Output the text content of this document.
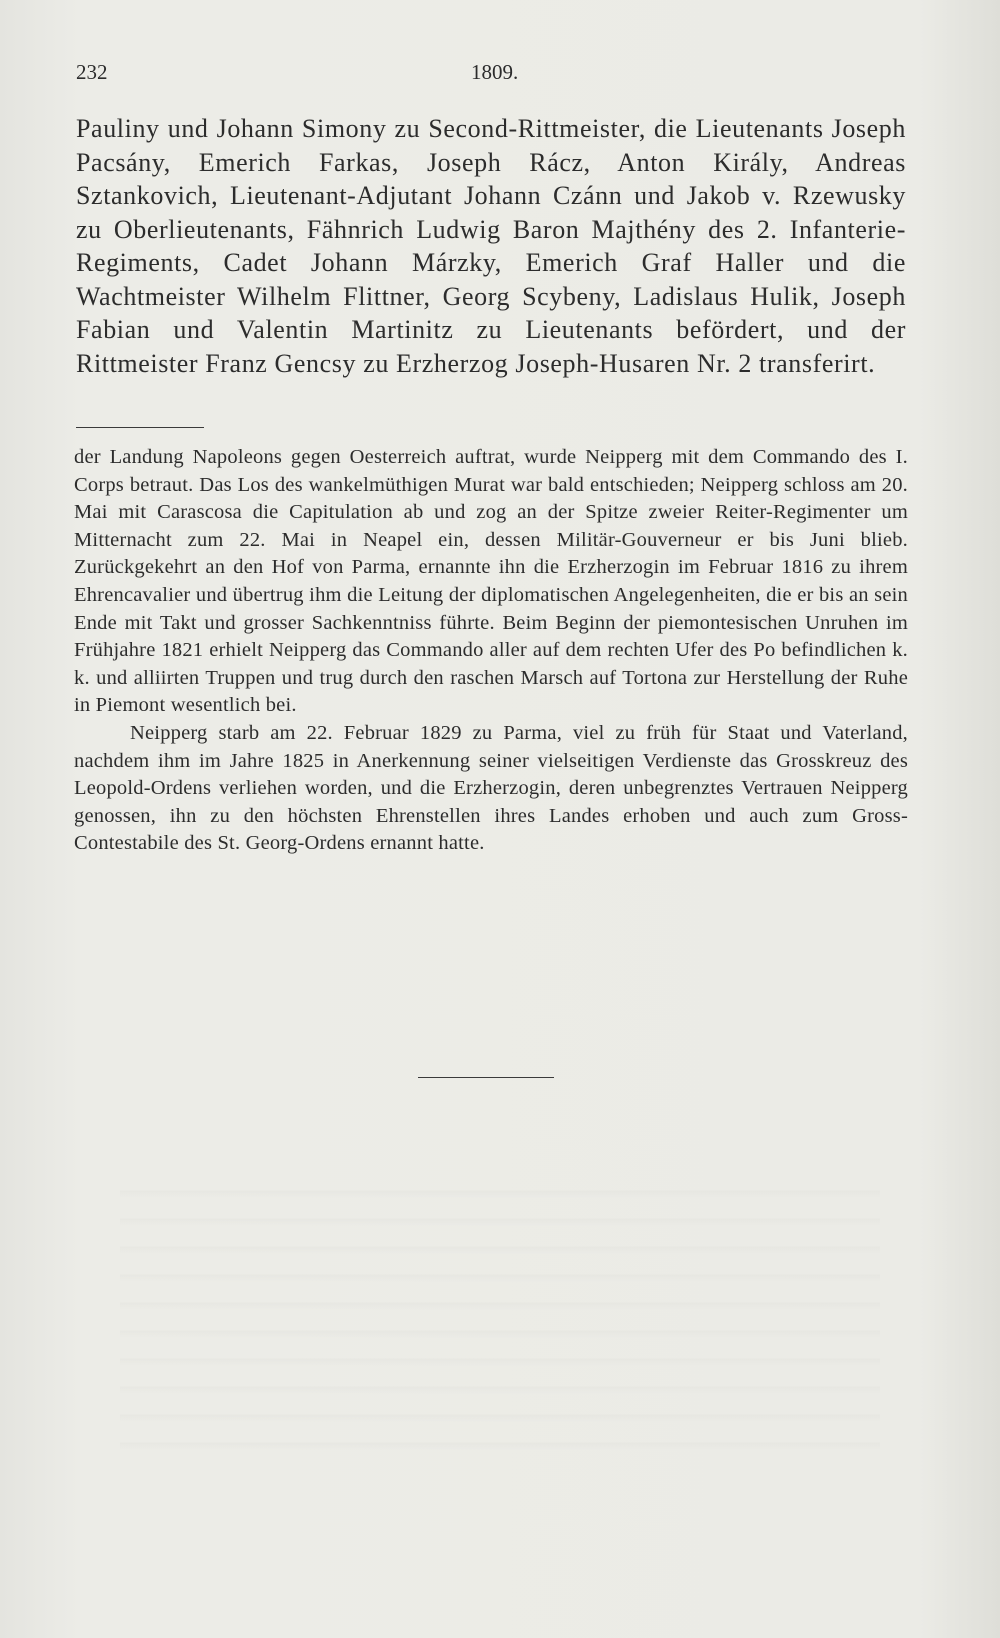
232	1809.

Pauliny und Johann Simony zu Second-Rittmeister, die Lieutenants Joseph Pacsány, Emerich Farkas, Joseph Rácz, Anton Király, Andreas Sztankovich, Lieutenant-Adjutant Johann Czánn und Jakob v. Rzewusky zu Oberlieutenants, Fähnrich Ludwig Baron Majthény des 2. Infanterie-Regiments, Cadet Johann Márzky, Emerich Graf Haller und die Wachtmeister Wilhelm Flittner, Georg Scybeny, Ladislaus Hulik, Joseph Fabian und Valentin Martinitz zu Lieutenants befördert, und der Rittmeister Franz Gencsy zu Erzherzog Joseph-Husaren Nr. 2 transferirt.

der Landung Napoleons gegen Oesterreich auftrat, wurde Neipperg mit dem Commando des I. Corps betraut. Das Los des wankelmüthigen Murat war bald entschieden; Neipperg schloss am 20. Mai mit Carascosa die Capitulation ab und zog an der Spitze zweier Reiter-Regimenter um Mitternacht zum 22. Mai in Neapel ein, dessen Militär-Gouverneur er bis Juni blieb. Zurückgekehrt an den Hof von Parma, ernannte ihn die Erzherzogin im Februar 1816 zu ihrem Ehrencavalier und übertrug ihm die Leitung der diplomatischen Angelegenheiten, die er bis an sein Ende mit Takt und grosser Sachkenntniss führte. Beim Beginn der piemontesischen Unruhen im Frühjahre 1821 erhielt Neipperg das Commando aller auf dem rechten Ufer des Po befindlichen k. k. und alliirten Truppen und trug durch den raschen Marsch auf Tortona zur Herstellung der Ruhe in Piemont wesentlich bei.

Neipperg starb am 22. Februar 1829 zu Parma, viel zu früh für Staat und Vaterland, nachdem ihm im Jahre 1825 in Anerkennung seiner vielseitigen Verdienste das Grosskreuz des Leopold-Ordens verliehen worden, und die Erzherzogin, deren unbegrenztes Vertrauen Neipperg genossen, ihn zu den höchsten Ehrenstellen ihres Landes erhoben und auch zum Gross-Contestabile des St. Georg-Ordens ernannt hatte.
